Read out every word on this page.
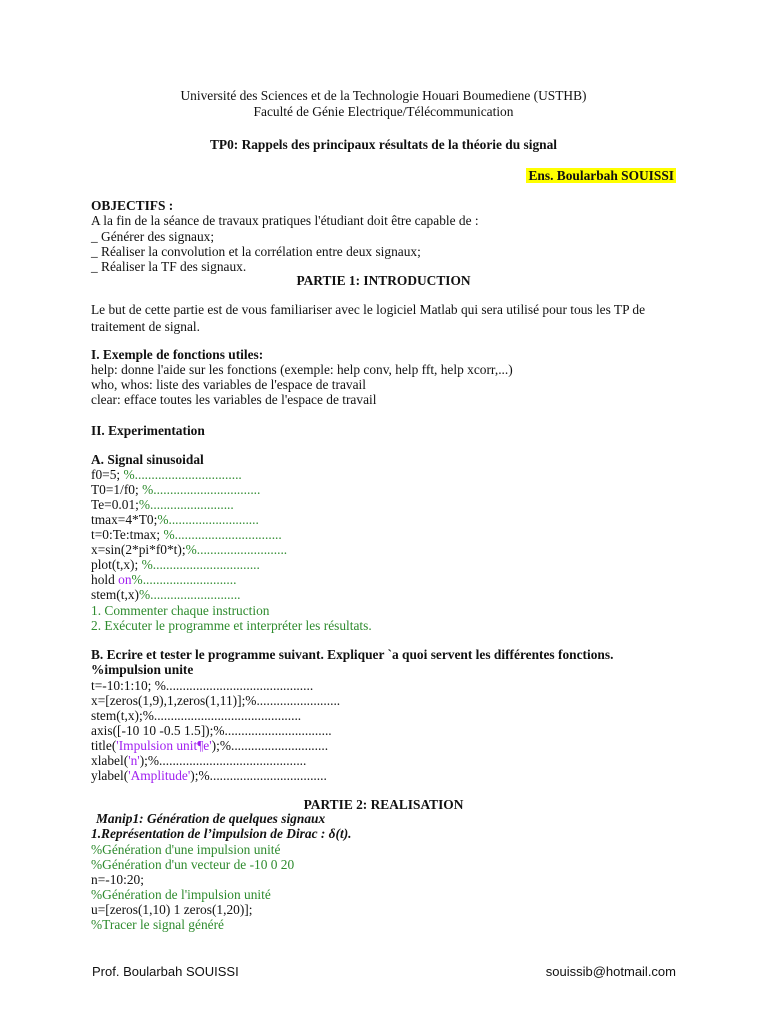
Université des Sciences et de la Technologie Houari Boumediene (USTHB)
Faculté de Génie Electrique/Télécommunication
TP0: Rappels des principaux résultats de la théorie du signal
Ens. Boularbah SOUISSI
OBJECTIFS :
A la fin de la séance de travaux pratiques l'étudiant doit être capable de :
_ Générer des signaux;
_ Réaliser la convolution et la corrélation entre deux signaux;
_ Réaliser la TF des signaux.
PARTIE 1: INTRODUCTION
Le but de cette partie est de vous familiariser avec le logiciel Matlab qui sera utilisé pour tous les TP de traitement de signal.
I. Exemple de fonctions utiles:
help: donne l'aide sur les fonctions (exemple: help conv, help fft, help xcorr,...)
who, whos: liste des variables de l'espace de travail
clear: efface toutes les variables de l'espace de travail
II. Experimentation
A. Signal sinusoidal
f0=5; %................................
T0=1/f0; %................................
Te=0.01;%.........................
tmax=4*T0;%...........................
t=0:Te:tmax; %................................
x=sin(2*pi*f0*t);%...........................
plot(t,x); %................................
hold on%............................
stem(t,x)%...........................
1. Commenter chaque instruction
2. Exécuter le programme et interpréter les résultats.
B. Ecrire et tester le programme suivant. Expliquer `a quoi servent les différentes fonctions.
%impulsion unite
t=-10:1:10; %............................................
x=[zeros(1,9),1,zeros(1,11)];%.........................
stem(t,x);%............................................
axis([-10 10 -0.5 1.5]);%................................
title('Impulsion unit¶e');%.............................
xlabel('n');%............................................
ylabel('Amplitude');%...................................
PARTIE 2: REALISATION
Manip1: Génération de quelques signaux
1.Représentation de l’impulsion de Dirac : δ(t).
%Génération d'une impulsion unité
%Génération d'un vecteur de -10 0 20
n=-10:20;
%Génération de l'impulsion unité
u=[zeros(1,10) 1 zeros(1,20)];
%Tracer le signal généré
Prof. Boularbah SOUISSI	souissib@hotmail.com
